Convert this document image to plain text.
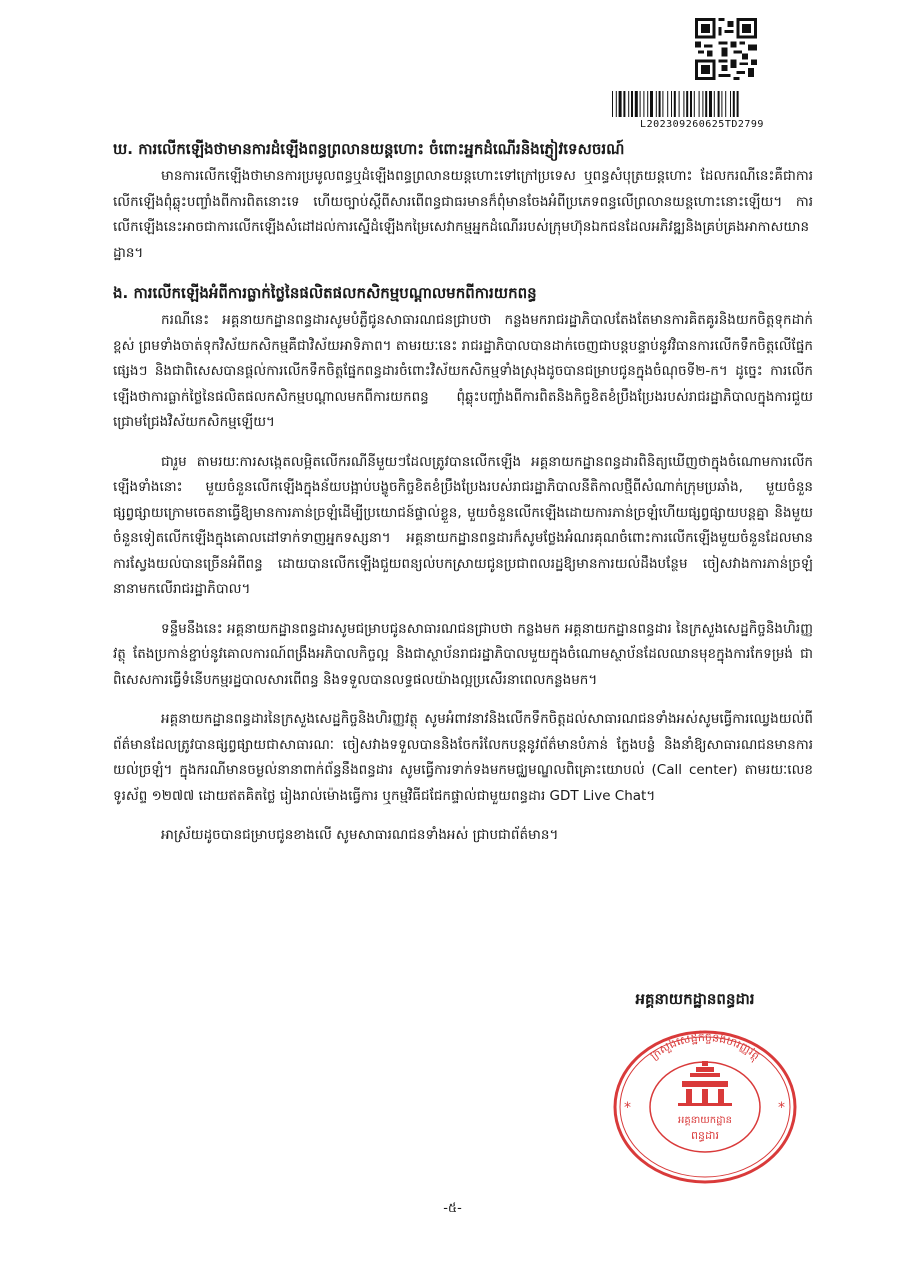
L202309260625TD2799
ឃ. ការលើកឡើងថាមានការដំឡើងពន្ធព្រលានយន្តហោះ ចំពោះអ្នកដំណើរនិងភ្ញៀវទេសចរណ៍

មានការលើកឡើងថាមានការប្រមូលពន្ធឬដំឡើងពន្ធព្រលានយន្តហោះទៅក្រៅប្រទេស ឬពន្ធសំបុត្រយន្តហោះ ដែលករណីនេះគឺជាការលើកឡើងពុំឆ្លុះបញ្ចាំងពីការពិតនោះទេ ហើយច្បាប់ស្តីពីសារពើពន្ធជាធរមានក៏ពុំមានចែងអំពីប្រភេទពន្ធលើព្រលានយន្តហោះនោះឡើយ។ ការលើកឡើងនេះអាចជាការលើកឡើងសំដៅដល់ការស្នើដំឡើងកម្រៃសេវាកម្មអ្នកដំណើររបស់ក្រុមហ៊ុនឯកជនដែលអភិវឌ្ឍនិងគ្រប់គ្រងអាកាសយានដ្ឋាន។

ង. ការលើកឡើងអំពីការធ្លាក់ថ្លៃនៃផលិតផលកសិកម្មបណ្តាលមកពីការយកពន្ធ

ករណីនេះ អគ្គនាយកដ្ឋានពន្ធដារសូមបំភ្លឺជូនសាធារណជនជ្រាបថា កន្លងមករាជរដ្ឋាភិបាលតែងតែមានការគិតគូរនិងយកចិត្តទុកដាក់ខ្ពស់ ព្រមទាំងចាត់ទុកវិស័យកសិកម្មគឺជាវិស័យអាទិភាព។ តាមរយៈនេះ រាជរដ្ឋាភិបាលបានដាក់ចេញជាបន្តបន្ទាប់នូវវិធានការលើកទឹកចិត្តលើផ្នែកផ្សេងៗ និងជាពិសេសបានផ្តល់ការលើកទឹកចិត្តផ្នែកពន្ធដារចំពោះវិស័យកសិកម្មទាំងស្រុងដូចបានជម្រាបជូនក្នុងចំណុចទី២-ក។ ដូច្នេះ ការលើកឡើងថាការធ្លាក់ថ្លៃនៃផលិតផលកសិកម្មបណ្តាលមកពីការយកពន្ធ ពុំឆ្លុះបញ្ចាំងពីការពិតនិងកិច្ចខិតខំប្រឹងប្រែងរបស់រាជរដ្ឋាភិបាលក្នុងការជួយជ្រោមជ្រែងវិស័យកសិកម្មឡើយ។

ជារួម តាមរយៈការសង្កេតលម្អិតលើករណីនីមួយៗដែលត្រូវបានលើកឡើង អគ្គនាយកដ្ឋានពន្ធដារពិនិត្យឃើញថាក្នុងចំណោមការលើកឡើងទាំងនោះ មួយចំនួនលើកឡើងក្នុងន័យបង្អាប់បង្ខូចកិច្ចខិតខំប្រឹងប្រែងរបស់រាជរដ្ឋាភិបាលនីតិកាលថ្មីពីសំណាក់ក្រុមប្រឆាំង, មួយចំនួនផ្សព្វផ្សាយក្រោមចេតនាធ្វើឱ្យមានការភាន់ច្រឡំដើម្បីប្រយោជន៍ផ្ទាល់ខ្លួន, មួយចំនួនលើកឡើងដោយការភាន់ច្រឡំហើយផ្សព្វផ្សាយបន្តគ្នា និងមួយចំនួនទៀតលើកឡើងក្នុងគោលដៅទាក់ទាញអ្នកទស្សនា។ អគ្គនាយកដ្ឋានពន្ធដារក៏សូមថ្លែងអំណរគុណចំពោះការលើកឡើងមួយចំនួនដែលមានការស្វែងយល់បានច្រើនអំពីពន្ធ ដោយបានលើកឡើងជួយពន្យល់បកស្រាយជូនប្រជាពលរដ្ឋឱ្យមានការយល់ដឹងបន្ថែម ចៀសវាងការភាន់ច្រឡំនានាមកលើរាជរដ្ឋាភិបាល។

ទន្ទឹមនឹងនេះ អគ្គនាយកដ្ឋានពន្ធដារសូមជម្រាបជូនសាធារណជនជ្រាបថា កន្លងមក អគ្គនាយកដ្ឋានពន្ធដារ នៃក្រសួងសេដ្ឋកិច្ចនិងហិរញ្ញវត្ថុ តែងប្រកាន់ខ្ជាប់នូវគោលការណ៍ពង្រឹងអភិបាលកិច្ចល្អ និងជាស្ថាប័នរាជរដ្ឋាភិបាលមួយក្នុងចំណោមស្ថាប័នដែលឈានមុខក្នុងការកែទម្រង់ ជាពិសេសការធ្វើទំនើបកម្មរដ្ឋបាលសារពើពន្ធ និងទទួលបានលទ្ធផលយ៉ាងល្អប្រសើរនាពេលកន្លងមក។

អគ្គនាយកដ្ឋានពន្ធដារនៃក្រសួងសេដ្ឋកិច្ចនិងហិរញ្ញវត្ថុ សូមអំពាវនាវនិងលើកទឹកចិត្តដល់សាធារណជនទាំងអស់សូមធ្វើការឈ្វេងយល់ពីព័ត៌មានដែលត្រូវបានផ្សព្វផ្សាយជាសាធារណៈ ចៀសវាងទទួលបាននិងចែករំលែកបន្តនូវព័ត៌មានបំភាន់ ក្លែងបន្លំ និងនាំឱ្យសាធារណជនមានការយល់ច្រឡំ។ ក្នុងករណីមានចម្ងល់នានាពាក់ព័ន្ធនឹងពន្ធដារ សូមធ្វើការទាក់ទងមកមជ្ឈមណ្ឌលពិគ្រោះយោបល់ (Call center) តាមរយៈលេខទូរស័ព្ទ ១២៧៧ ដោយឥតគិតថ្លៃ រៀងរាល់ម៉ោងធ្វើការ ឬកម្មវិធីជជែកផ្ទាល់ជាមួយពន្ធដារ GDT Live Chat។

អាស្រ័យដូចបានជម្រាបជូនខាងលើ សូមសាធារណជនទាំងអស់ ជ្រាបជាព័ត៌មាន។

អគ្គនាយកដ្ឋានពន្ធដារ
ក្រសួងសេដ្ឋកិច្ចនិងហិរញ្ញវត្ថុ
អគ្គនាយកដ្ឋាន
ពន្ធដារ
*	*
-៥-
